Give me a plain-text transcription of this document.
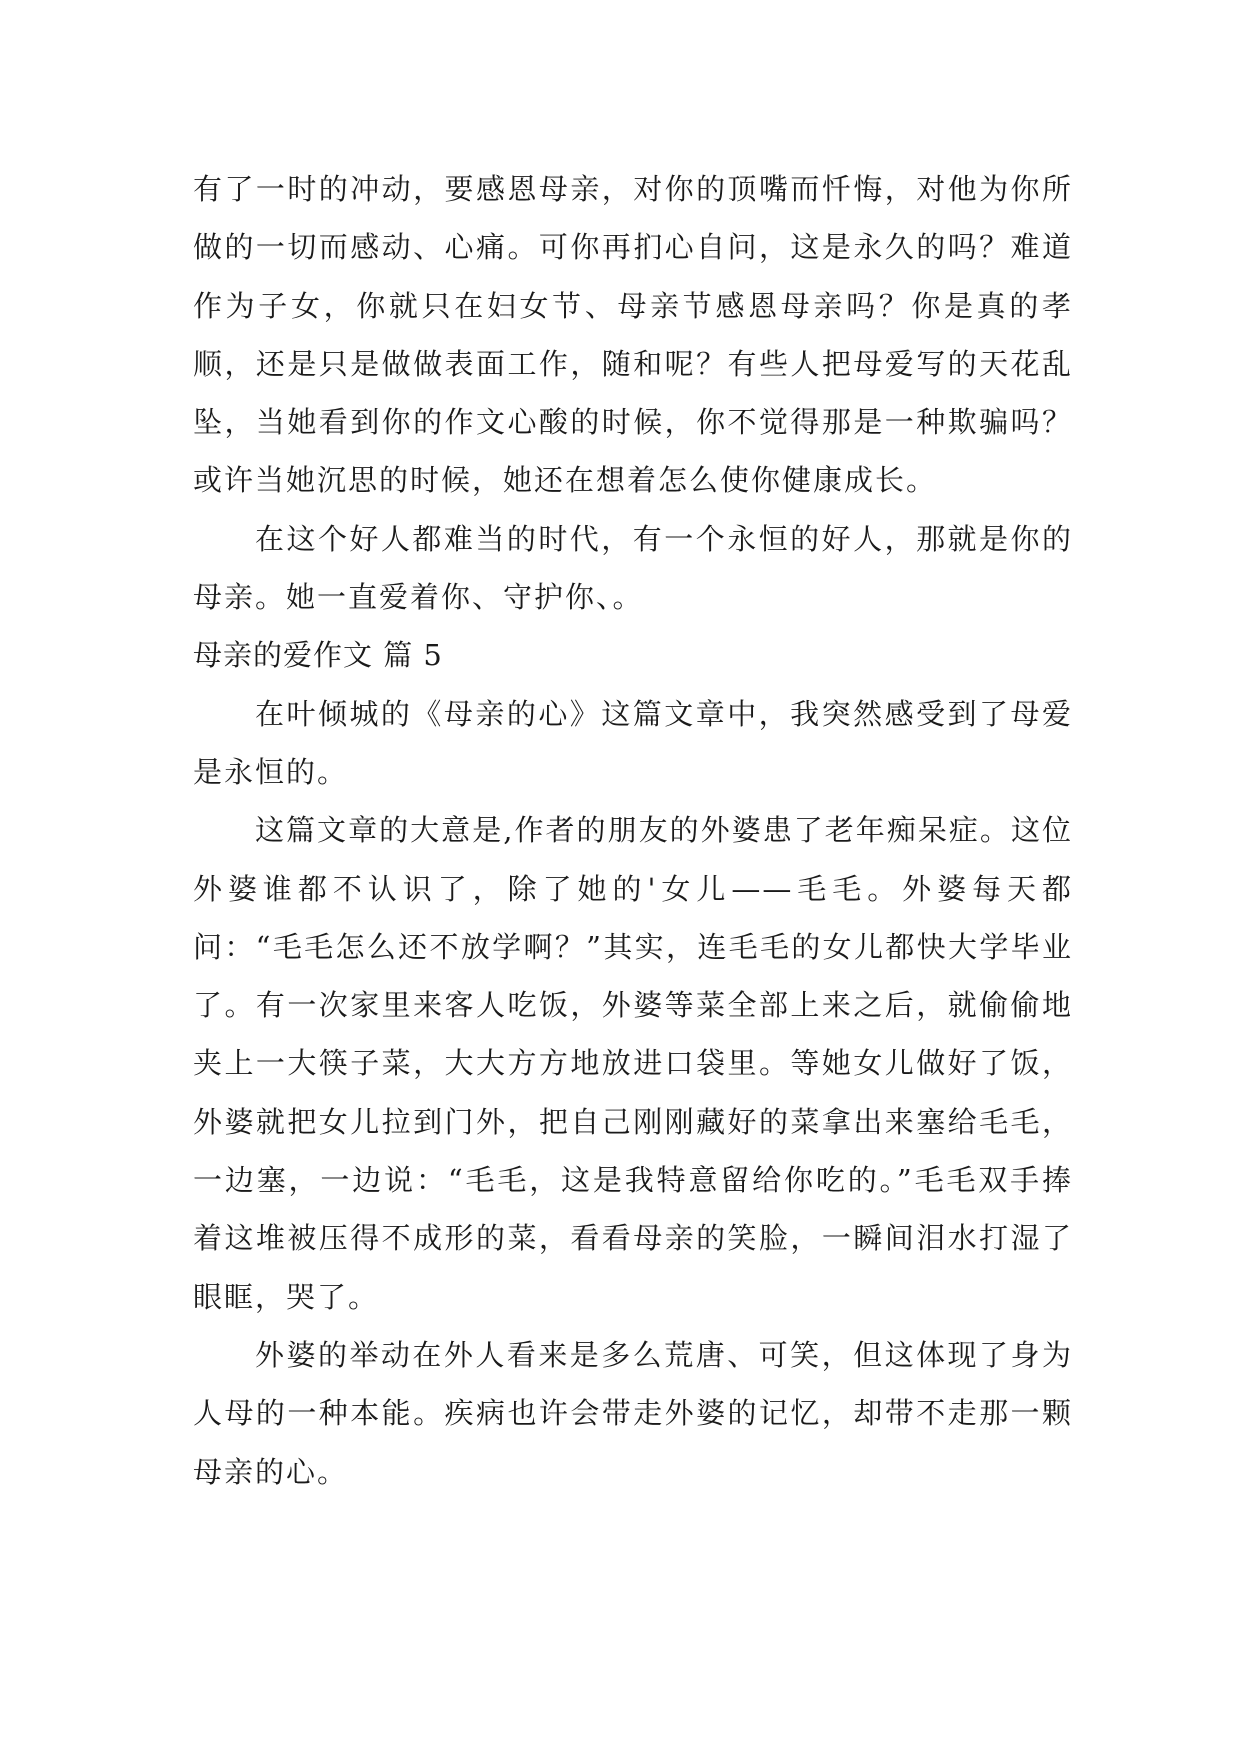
有了一时的冲动，要感恩母亲，对你的顶嘴而忏悔，对他为你所做的一切而感动、心痛。可你再扪心自问，这是永久的吗？难道作为子女，你就只在妇女节、母亲节感恩母亲吗？你是真的孝顺，还是只是做做表面工作，随和呢？有些人把母爱写的天花乱坠，当她看到你的作文心酸的时候，你不觉得那是一种欺骗吗？或许当她沉思的时候，她还在想着怎么使你健康成长。

在这个好人都难当的时代，有一个永恒的好人，那就是你的母亲。她一直爱着你、守护你、。

母亲的爱作文 篇 5

在叶倾城的《母亲的心》这篇文章中，我突然感受到了母爱是永恒的。

这篇文章的大意是,作者的朋友的外婆患了老年痴呆症。这位外婆谁都不认识了，除了她的'女儿——毛毛。外婆每天都问：“毛毛怎么还不放学啊？”其实，连毛毛的女儿都快大学毕业了。有一次家里来客人吃饭，外婆等菜全部上来之后，就偷偷地夹上一大筷子菜，大大方方地放进口袋里。等她女儿做好了饭，外婆就把女儿拉到门外，把自己刚刚藏好的菜拿出来塞给毛毛，一边塞，一边说：“毛毛，这是我特意留给你吃的。”毛毛双手捧着这堆被压得不成形的菜，看看母亲的笑脸，一瞬间泪水打湿了眼眶，哭了。

外婆的举动在外人看来是多么荒唐、可笑，但这体现了身为人母的一种本能。疾病也许会带走外婆的记忆，却带不走那一颗母亲的心。
